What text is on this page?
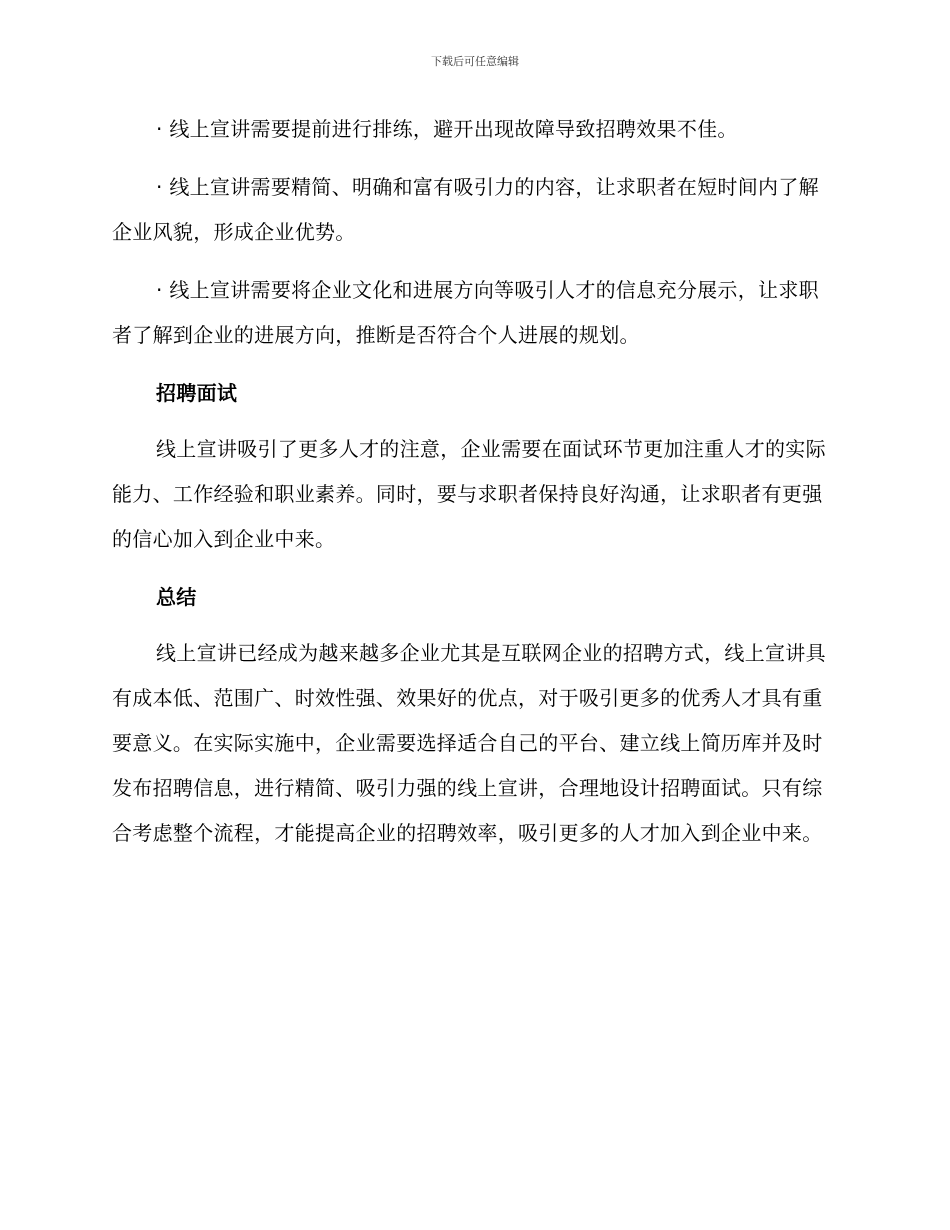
下载后可任意编辑

· 线上宣讲需要提前进行排练，避开出现故障导致招聘效果不佳。

· 线上宣讲需要精简、明确和富有吸引力的内容，让求职者在短时间内了解企业风貌，形成企业优势。

· 线上宣讲需要将企业文化和进展方向等吸引人才的信息充分展示，让求职者了解到企业的进展方向，推断是否符合个人进展的规划。

招聘面试

线上宣讲吸引了更多人才的注意，企业需要在面试环节更加注重人才的实际能力、工作经验和职业素养。同时，要与求职者保持良好沟通，让求职者有更强的信心加入到企业中来。

总结

线上宣讲已经成为越来越多企业尤其是互联网企业的招聘方式，线上宣讲具有成本低、范围广、时效性强、效果好的优点，对于吸引更多的优秀人才具有重要意义。在实际实施中，企业需要选择适合自己的平台、建立线上简历库并及时发布招聘信息，进行精简、吸引力强的线上宣讲，合理地设计招聘面试。只有综合考虑整个流程，才能提高企业的招聘效率，吸引更多的人才加入到企业中来。
